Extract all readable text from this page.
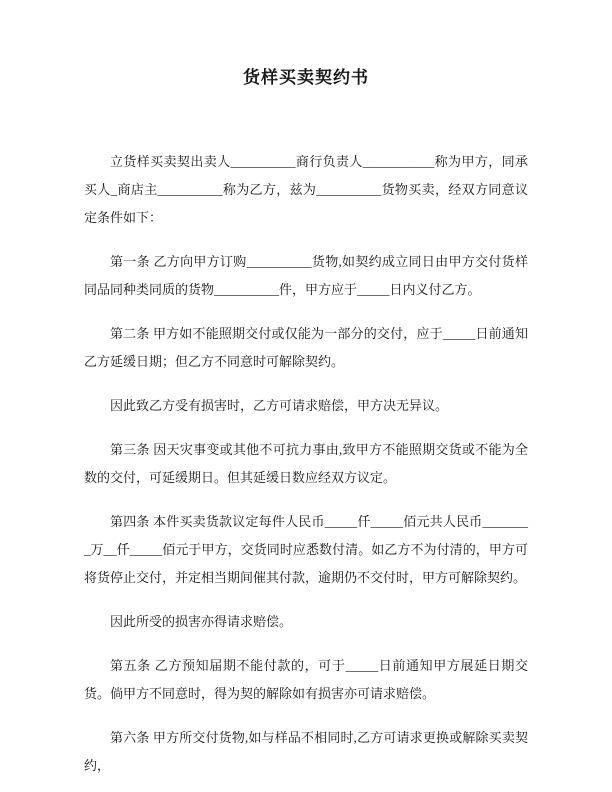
货样买卖契约书

立货样买卖契出卖人__________商行负责人___________称为甲方，同承买人_商店主__________称为乙方，兹为__________货物买卖，经双方同意议定条件如下：

第一条 乙方向甲方订购__________货物,如契约成立同日由甲方交付货样同品同种类同质的货物__________件，甲方应于_____日内义付乙方。

第二条 甲方如不能照期交付或仅能为一部分的交付，应于_____日前通知乙方延缓日期；但乙方不同意时可解除契约。

因此致乙方受有损害时，乙方可请求赔偿，甲方决无异议。

第三条 因天灾事变或其他不可抗力事由,致甲方不能照期交货或不能为全数的交付，可延缓期日。但其延缓日数应经双方议定。

第四条 本件买卖货款议定每件人民币_____仟_____佰元共人民币________万__仟_____佰元于甲方，交货同时应悉数付清。如乙方不为付清的，甲方可将货停止交付，并定相当期间催其付款，逾期仍不交付时，甲方可解除契约。

因此所受的损害亦得请求赔偿。

第五条 乙方预知届期不能付款的，可于_____日前通知甲方展延日期交货。倘甲方不同意时，得为契的解除如有损害亦可请求赔偿。

第六条 甲方所交付货物,如与样品不相同时,乙方可请求更换或解除买卖契约，
